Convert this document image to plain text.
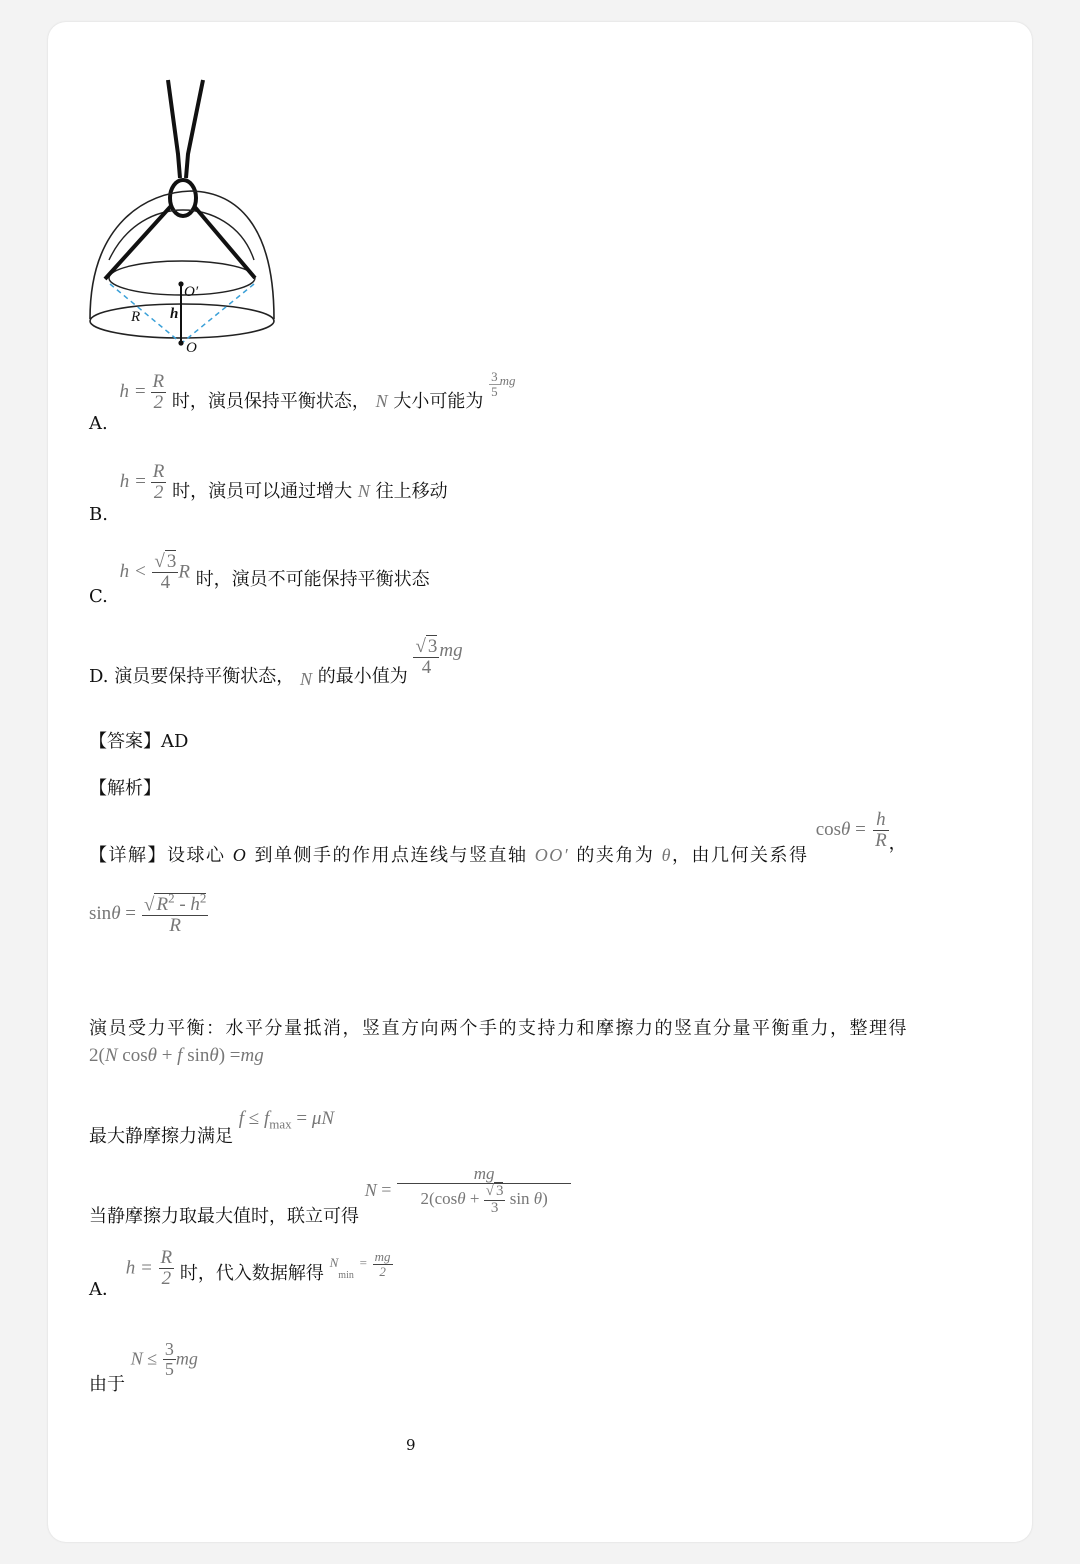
O′
h
R
O
A. $h = \frac{R}{2}$ 时，演员保持平衡状态， N 大小可能为
$\frac{3}{5} ^{mg}$
B. $h = \frac{R}{2}$ 时，演员可以通过增大 N 往上移动
C. $h < \frac{√ 3}{4}$ R 时，演员不可能保持平衡状态
D. 演员要保持平衡状态， N 的最小值为 $\frac{√ 3}{4}$ mg
【答案】AD
【解析】
【详解】设球心 O 到单侧手的作用点连线与竖直轴 OO′ 的夹角为 θ，由几何关系得 $\cos\theta = \frac{h}{R}$ ，
$\sin\theta = \frac{√ R^2 - h^2}{R}$
演员受力平衡：水平分量抵消，竖直方向两个手的支持力和摩擦力的竖直分量平衡重力，整理得
2(N cosθ + f sinθ) =mg
最大静摩擦力满足 $f \le f_{max} = \mu N$
当静摩擦力取最大值时，联立可得 $N = \frac{mg}{2(\cos\theta + \frac{√ 3}{3} \sin \theta)}$
A． $h = \frac{R}{2}$ 时，代入数据解得 $^N_{min}$ $^= \frac{mg}{2}$
由于 $N \le \frac{3}{5}$ mg
9
